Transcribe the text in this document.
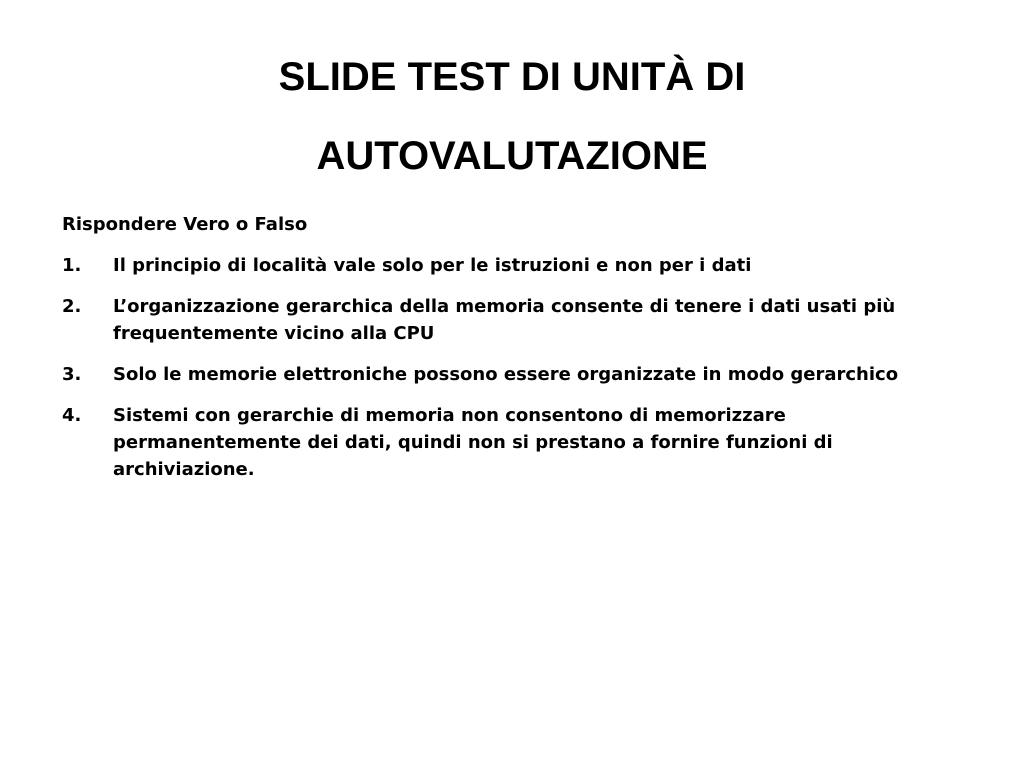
SLIDE TEST DI UNITÀ DI
AUTOVALUTAZIONE

Rispondere Vero o Falso

1.	Il principio di località vale solo per le istruzioni e non per i dati
2.	L’organizzazione gerarchica della memoria consente di tenere i dati usati più frequentemente vicino alla CPU
3.	Solo le memorie elettroniche possono essere organizzate in modo gerarchico
4.	Sistemi con gerarchie di memoria non consentono di memorizzare permanentemente dei dati, quindi non si prestano a fornire funzioni di archiviazione.
